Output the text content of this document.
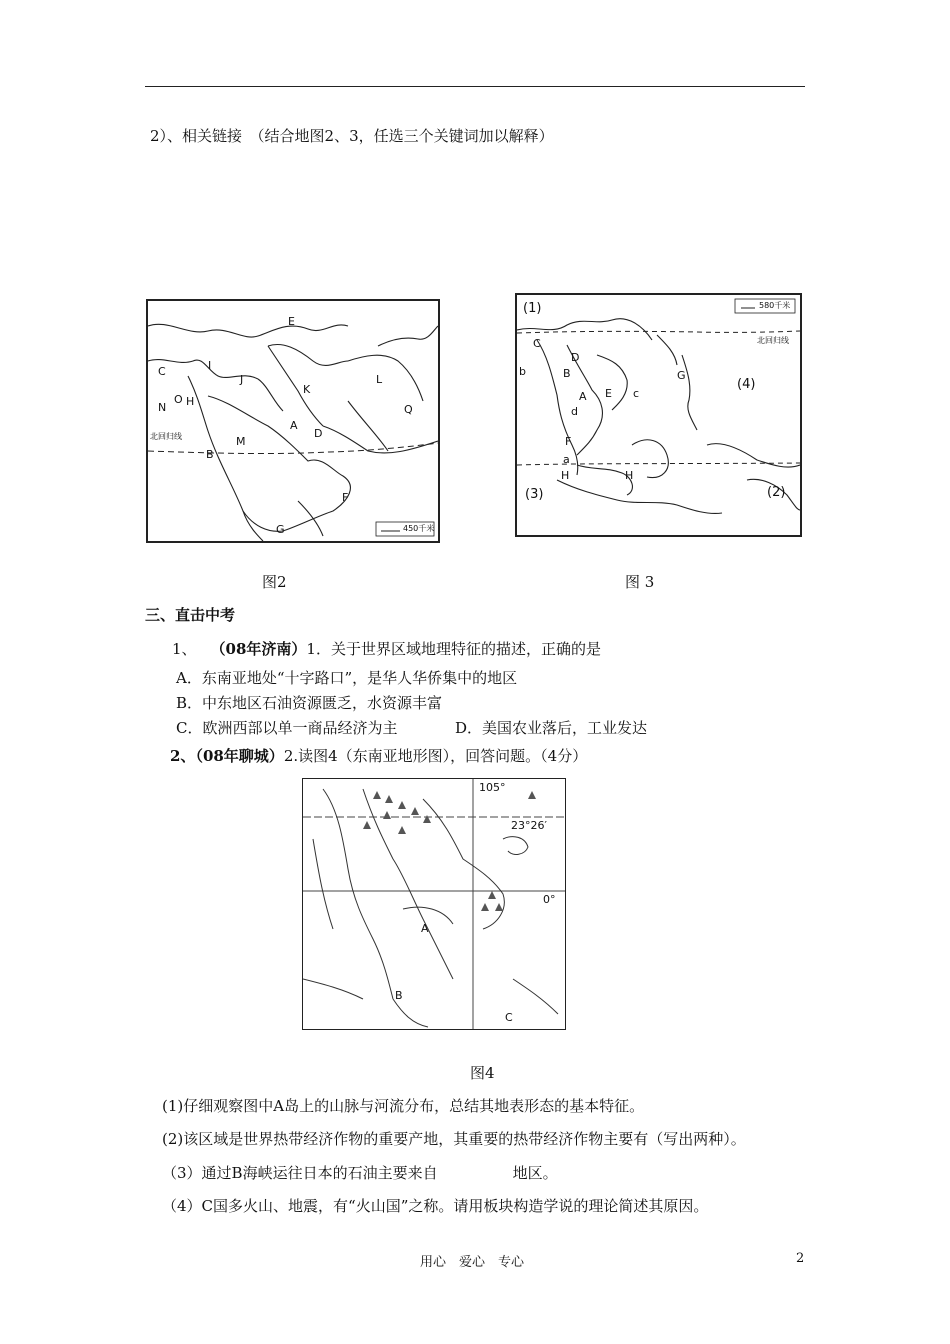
2）、相关链接　（结合地图2、3，任选三个关键词加以解释）
E
C	I
J
K
L
N
O H
A
D
Q
M
B
F
G
北回归线
450千米
图2
(1)
(2)
(3)
(4)
C
b
D
B
A E c
d
G
F
a
H	H
北回归线
580千米
图 3
三、直击中考
1、 （08年济南）1．关于世界区域地理特征的描述，正确的是
A．东南亚地处“十字路口”，是华人华侨集中的地区
B．中东地区石油资源匮乏，水资源丰富
C．欧洲西部以单一商品经济为主	D．美国农业落后，工业发达
2、（08年聊城）2.读图4（东南亚地形图），回答问题。（4分）
105°
23°26′
0°
A
B
C
图4
(1)仔细观察图中A岛上的山脉与河流分布，总结其地表形态的基本特征。
(2)该区域是世界热带经济作物的重要产地，其重要的热带经济作物主要有（写出两种）。
（3）通过B海峡运往日本的石油主要来自　　　　　地区。
（4）C国多火山、地震，有“火山国”之称。请用板块构造学说的理论简述其原因。
用心　爱心　专心	2
